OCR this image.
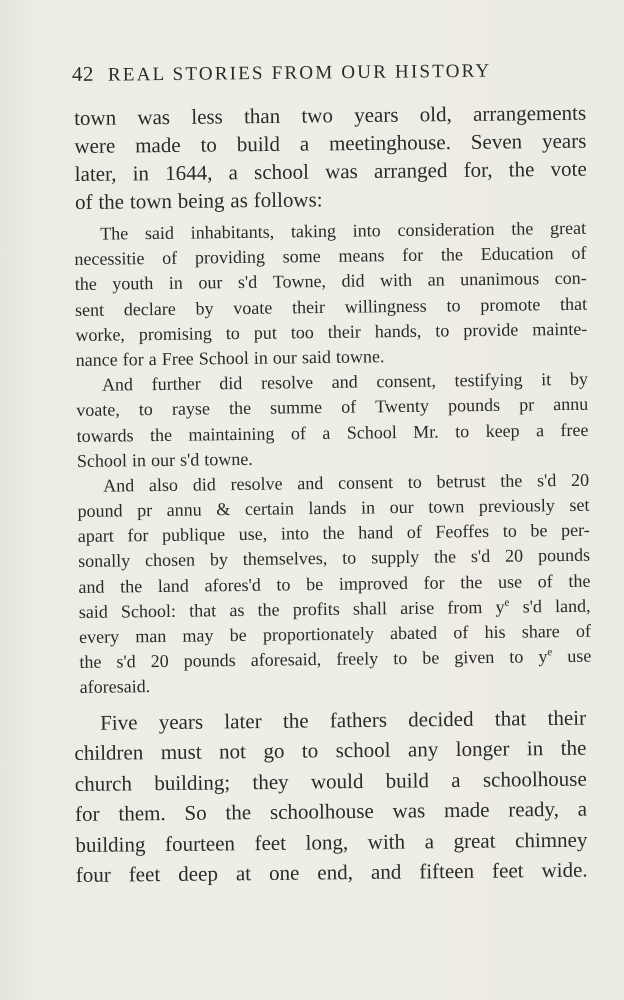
42 REAL STORIES FROM OUR HISTORY
town was less than two years old, arrangements
were made to build a meetinghouse. Seven years
later, in 1644, a school was arranged for, the vote
of the town being as follows:
The said inhabitants, taking into consideration the great
necessitie of providing some means for the Education of
the youth in our s'd Towne, did with an unanimous con-
sent declare by voate their willingness to promote that
worke, promising to put too their hands, to provide mainte-
nance for a Free School in our said towne.
And further did resolve and consent, testifying it by
voate, to rayse the summe of Twenty pounds pr annu
towards the maintaining of a School Mr. to keep a free
School in our s'd towne.
And also did resolve and consent to betrust the s'd 20
pound pr annu & certain lands in our town previously set
apart for publique use, into the hand of Feoffes to be per-
sonally chosen by themselves, to supply the s'd 20 pounds
and the land afores'd to be improved for the use of the
said School: that as the profits shall arise from $y^e$ s'd land,
every man may be proportionately abated of his share of
the s'd 20 pounds aforesaid, freely to be given to $y^e$ use
aforesaid.
Five years later the fathers decided that their
children must not go to school any longer in the
church building; they would build a schoolhouse
for them. So the schoolhouse was made ready, a
building fourteen feet long, with a great chimney
four feet deep at one end, and fifteen feet wide.
